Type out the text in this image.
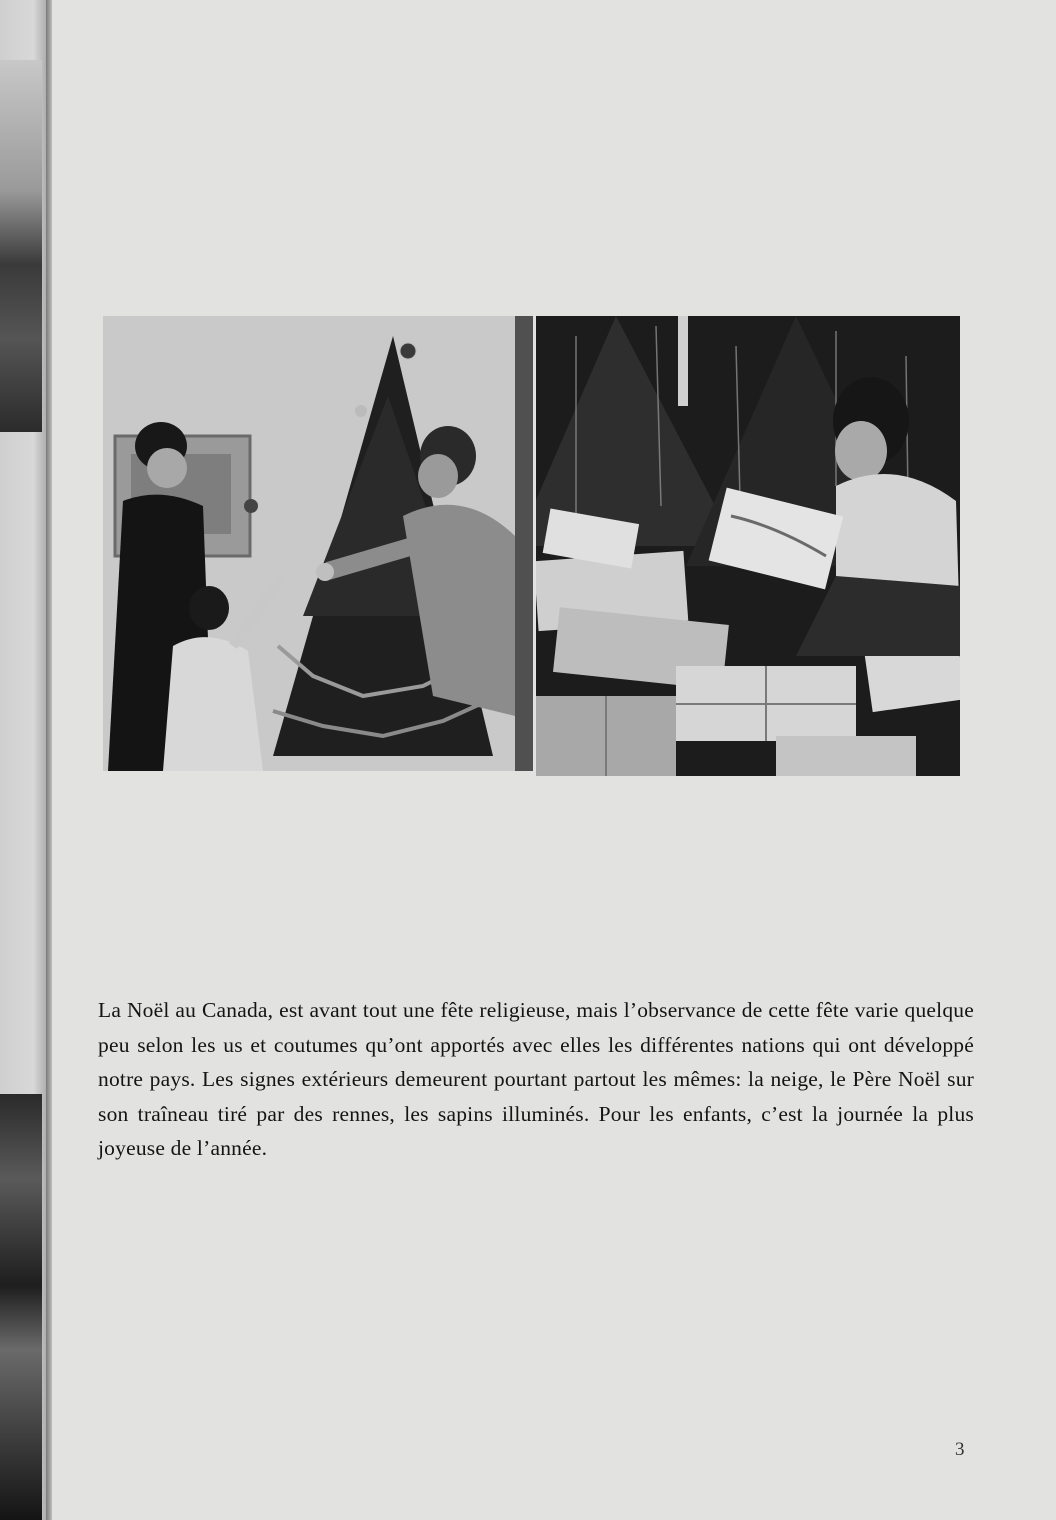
La Noël au Canada, est avant tout une fête religieuse, mais l’observance de cette fête varie quelque peu selon les us et coutumes qu’ont apportés avec elles les différentes nations qui ont développé notre pays. Les signes extérieurs demeurent pourtant partout les mêmes: la neige, le Père Noël sur son traîneau tiré par des rennes, les sapins illuminés. Pour les enfants, c’est la journée la plus joyeuse de l’année.

3
